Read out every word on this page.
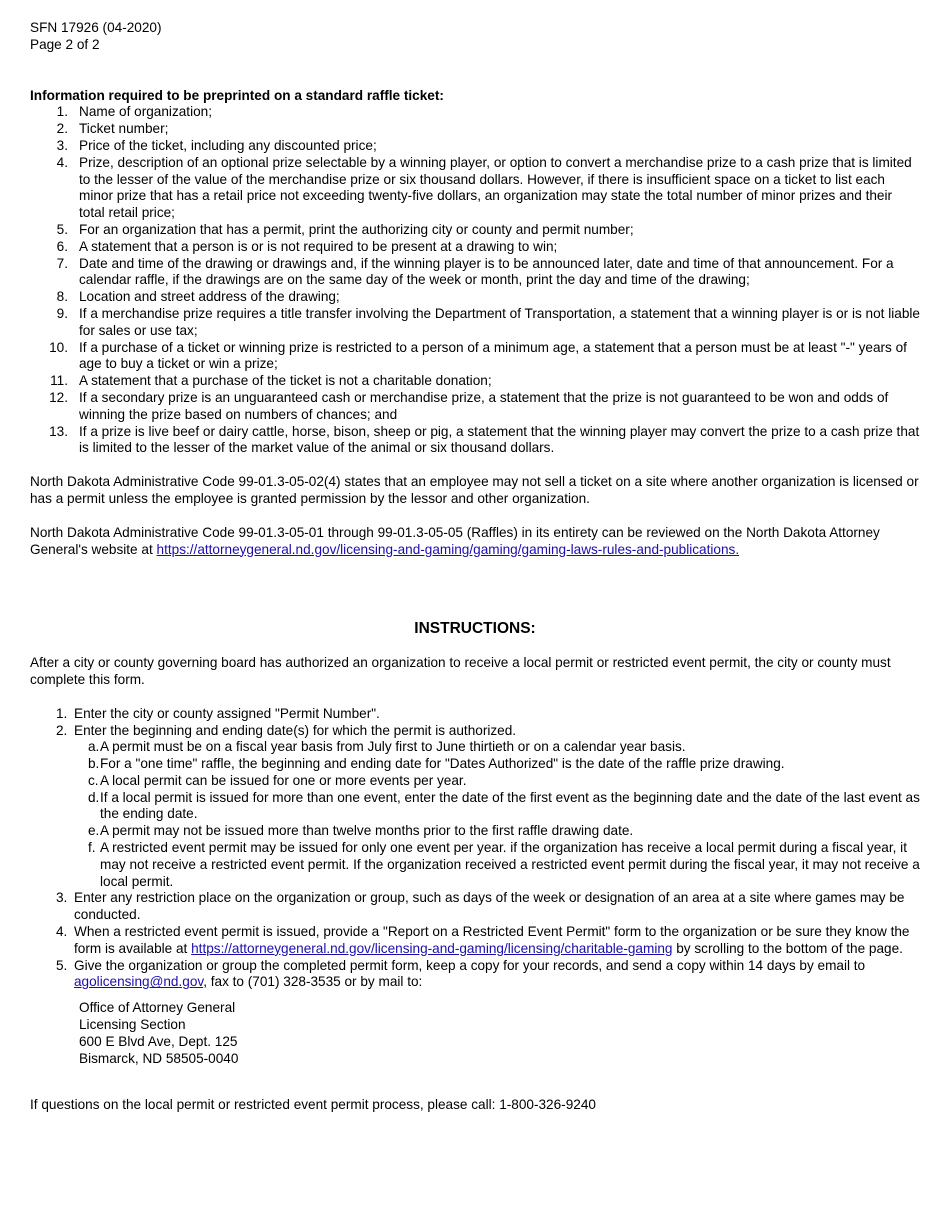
SFN 17926 (04-2020)
Page 2 of 2
Information required to be preprinted on a standard raffle ticket:
1. Name of organization;
2. Ticket number;
3. Price of the ticket, including any discounted price;
4. Prize, description of an optional prize selectable by a winning player, or option to convert a merchandise prize to a cash prize that is limited to the lesser of the value of the merchandise prize or six thousand dollars. However, if there is insufficient space on a ticket to list each minor prize that has a retail price not exceeding twenty-five dollars, an organization may state the total number of minor prizes and their total retail price;
5. For an organization that has a permit, print the authorizing city or county and permit number;
6. A statement that a person is or is not required to be present at a drawing to win;
7. Date and time of the drawing or drawings and, if the winning player is to be announced later, date and time of that announcement. For a calendar raffle, if the drawings are on the same day of the week or month, print the day and time of the drawing;
8. Location and street address of the drawing;
9. If a merchandise prize requires a title transfer involving the Department of Transportation, a statement that a winning player is or is not liable for sales or use tax;
10. If a purchase of a ticket or winning prize is restricted to a person of a minimum age, a statement that a person must be at least "-" years of age to buy a ticket or win a prize;
11. A statement that a purchase of the ticket is not a charitable donation;
12. If a secondary prize is an unguaranteed cash or merchandise prize, a statement that the prize is not guaranteed to be won and odds of winning the prize based on numbers of chances; and
13. If a prize is live beef or dairy cattle, horse, bison, sheep or pig, a statement that the winning player may convert the prize to a cash prize that is limited to the lesser of the market value of the animal or six thousand dollars.

North Dakota Administrative Code 99-01.3-05-02(4) states that an employee may not sell a ticket on a site where another organization is licensed or has a permit unless the employee is granted permission by the lessor and other organization.

North Dakota Administrative Code 99-01.3-05-01 through 99-01.3-05-05 (Raffles) in its entirety can be reviewed on the North Dakota Attorney General's website at https://attorneygeneral.nd.gov/licensing-and-gaming/gaming/gaming-laws-rules-and-publications.

INSTRUCTIONS:

After a city or county governing board has authorized an organization to receive a local permit or restricted event permit, the city or county must complete this form.

1. Enter the city or county assigned "Permit Number".
2. Enter the beginning and ending date(s) for which the permit is authorized.
a. A permit must be on a fiscal year basis from July first to June thirtieth or on a calendar year basis.
b. For a "one time" raffle, the beginning and ending date for "Dates Authorized" is the date of the raffle prize drawing.
c. A local permit can be issued for one or more events per year.
d. If a local permit is issued for more than one event, enter the date of the first event as the beginning date and the date of the last event as the ending date.
e. A permit may not be issued more than twelve months prior to the first raffle drawing date.
f. A restricted event permit may be issued for only one event per year. if the organization has receive a local permit during a fiscal year, it may not receive a restricted event permit. If the organization received a restricted event permit during the fiscal year, it may not receive a local permit.
3. Enter any restriction place on the organization or group, such as days of the week or designation of an area at a site where games may be conducted.
4. When a restricted event permit is issued, provide a "Report on a Restricted Event Permit" form to the organization or be sure they know the form is available at https://attorneygeneral.nd.gov/licensing-and-gaming/licensing/charitable-gaming by scrolling to the bottom of the page.
5. Give the organization or group the completed permit form, keep a copy for your records, and send a copy within 14 days by email to agolicensing@nd.gov, fax to (701) 328-3535 or by mail to:
Office of Attorney General
Licensing Section
600 E Blvd Ave, Dept. 125
Bismarck, ND 58505-0040

If questions on the local permit or restricted event permit process, please call: 1-800-326-9240
